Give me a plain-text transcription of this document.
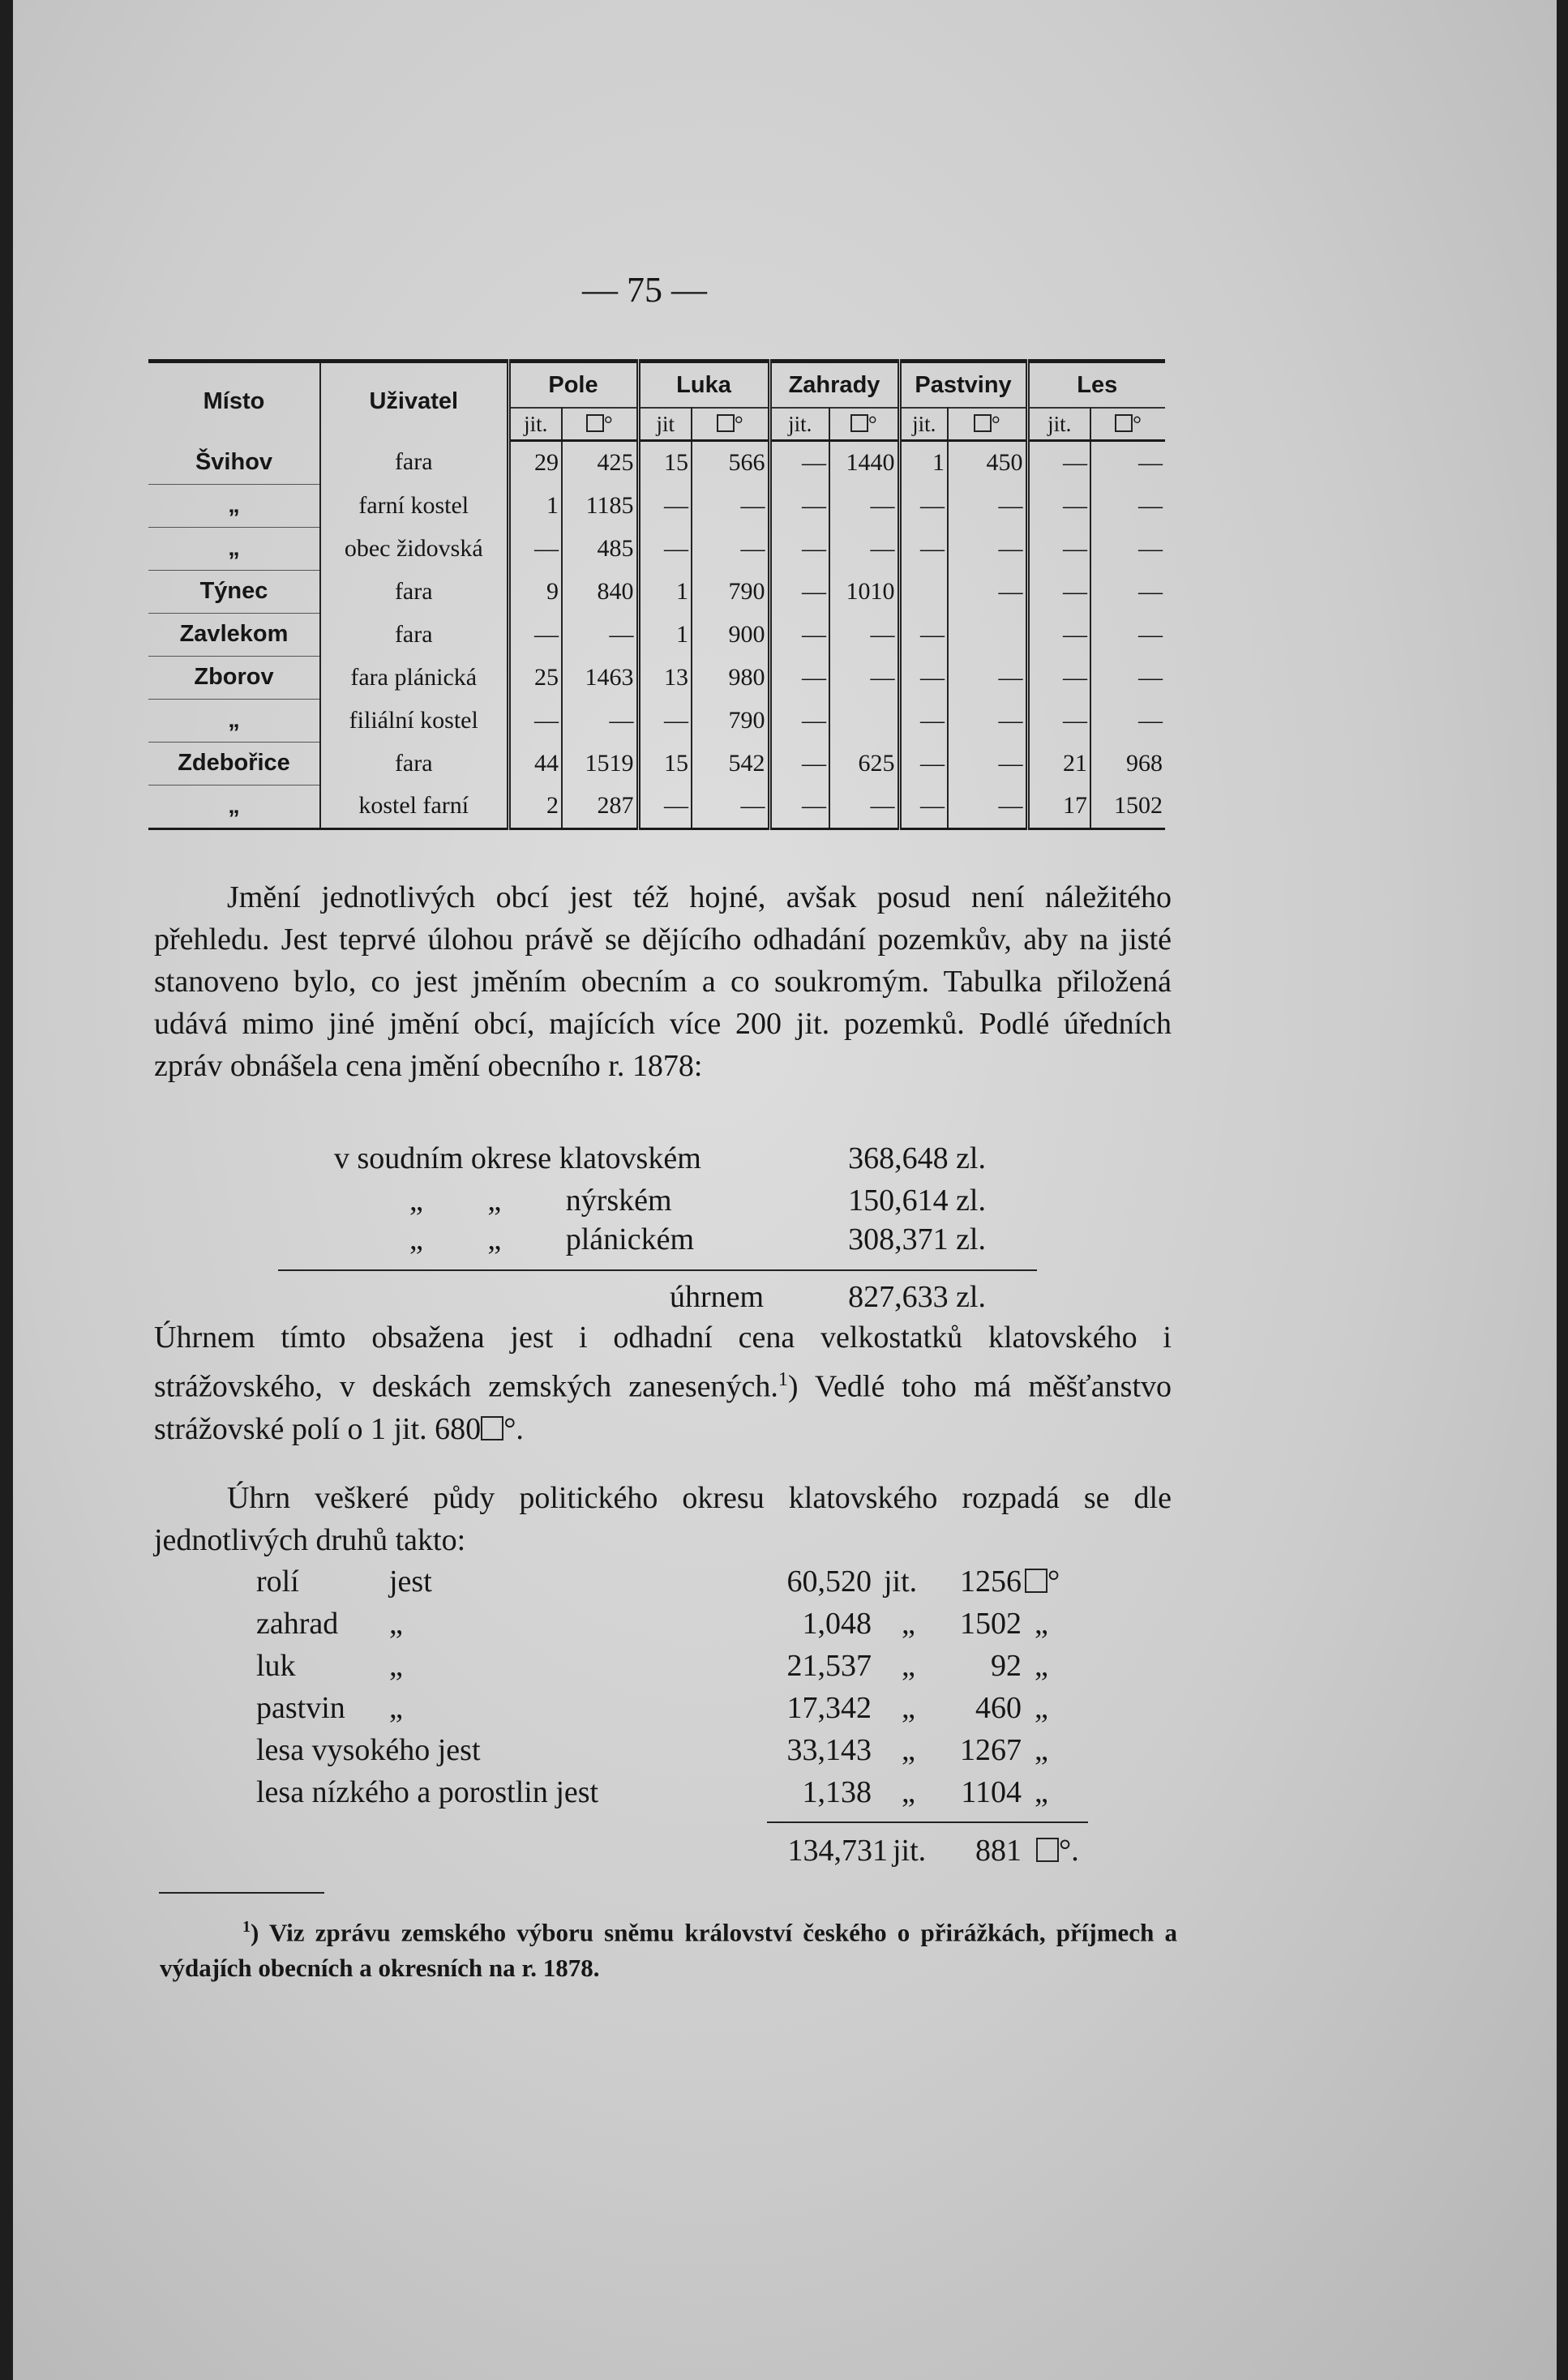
— 75 —
Místo	Uživatel	Pole		Luka		Zahrady		Pastviny		Les	
		jit.	°	jit	°	jit.	°	jit.	°	jit.	°
Švihov	fara	29	425	15	566	—	1440	1	450	—	—
„	farní kostel	1	1185	—	—	—	—	—	—	—	—
„	obec židovská	—	485	—	—	—	—	—	—	—	—
Týnec	fara	9	840	1	790	—	1010		—	—	—
Zavlekom	fara	—	—	1	900	—	—	—		—	—
Zborov	fara plánická	25	1463	13	980	—	—	—	—	—	—
„	filiální kostel	—	—	—	790	—		—	—	—	—
Zdebořice	fara	44	1519	15	542	—	625	—	—	21	968
„	kostel farní	2	287	—	—	—	—	—	—	17	1502

Jmění jednotlivých obcí jest též hojné, avšak posud není náležitého přehledu. Jest teprvé úlohou právě se dějícího odhadání pozemkův, aby na jisté stanoveno bylo, co jest jměním obecním a co soukromým. Tabulka přiložená udává mimo jiné jmění obcí, majících více 200 jit. pozemků. Podlé úředních zpráv obnášela cena jmění obecního r. 1878:

v soudním okrese klatovském	368,648 zl.
„ „ nýrském	150,614 zl.
„ „ plánickém	308,371 zl.
úhrnem	827,633 zl.
Úhrnem tímto obsažena jest i odhadní cena velkostatků klatovského i strážovského, v deskách zemských zanesených.$^1$) Vedlé toho má měšťanstvo strážovské polí o 1 jit. 680 °.

Úhrn veškeré půdy politického okresu klatovského rozpadá se dle jednotlivých druhů takto:

rolí	jest	60,520 jit.	1256 °
zahrad „	1,048 „	1502 „
luk	„	21,537 „	92 „
pastvin „	17,342 „	460 „
lesa vysokého jest	33,143 „	1267 „
lesa nízkého a porostlin jest	1,138 „	1104 „
134,731 jit.	881	°.

$^1$) Viz zprávu zemského výboru sněmu království českého o přirážkách, příjmech a výdajích obecních a okresních na r. 1878.
